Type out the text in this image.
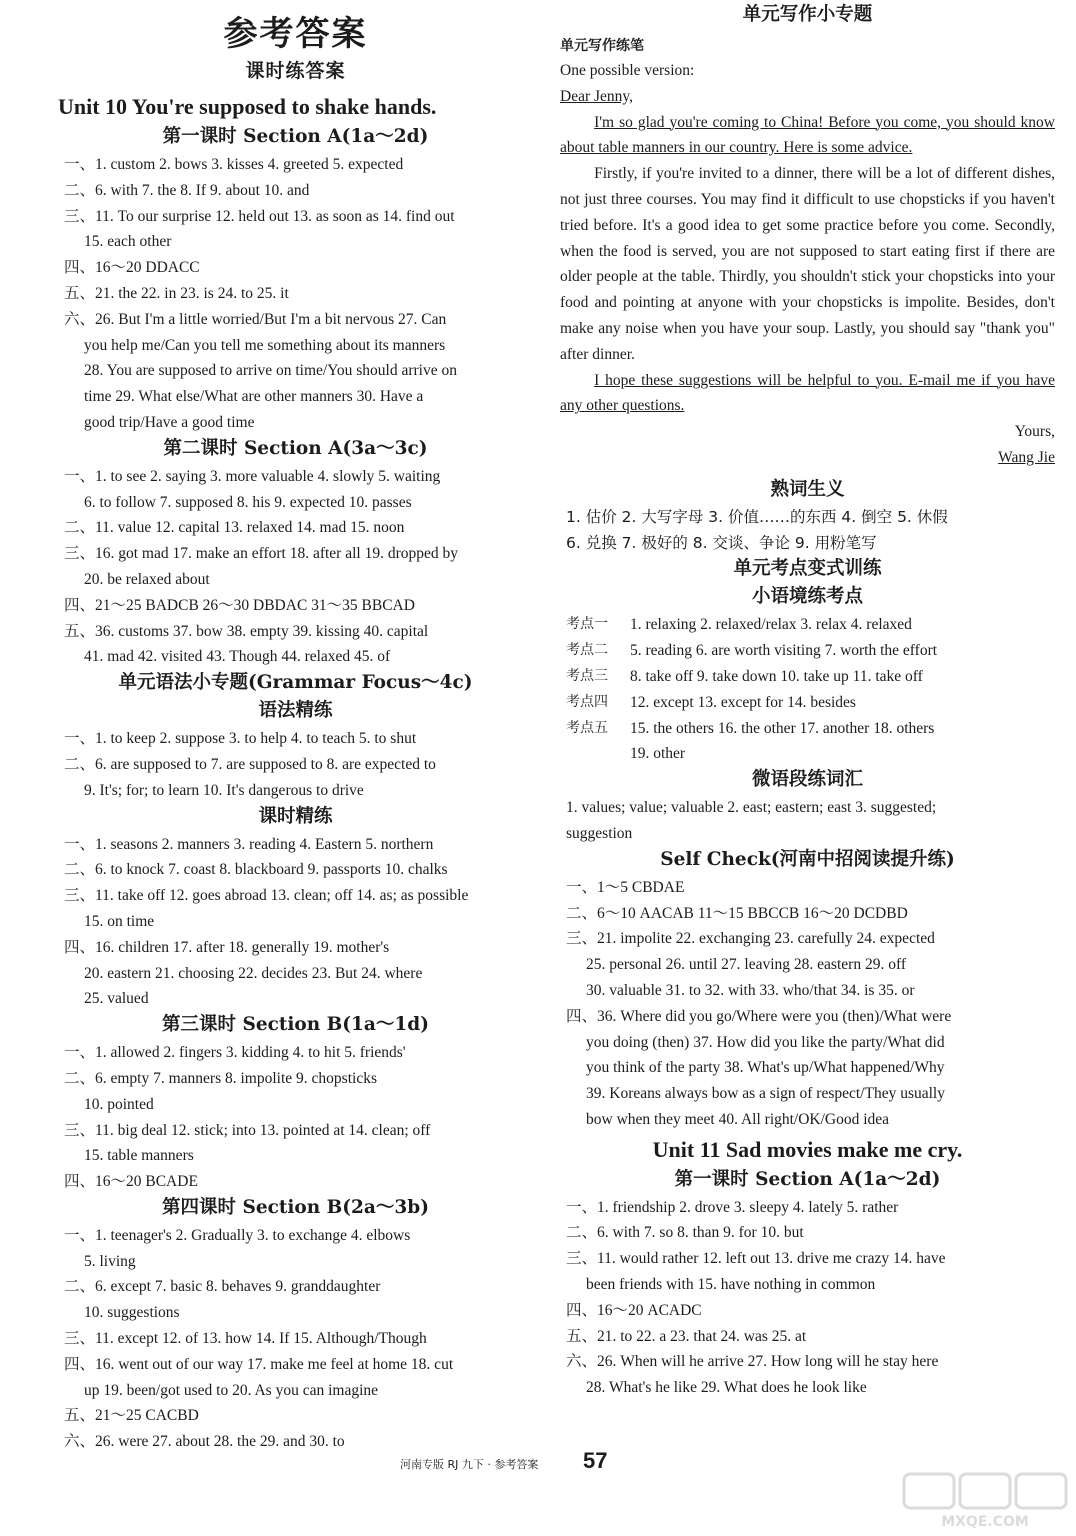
参考答案
课时练答案
Unit 10 You're supposed to shake hands.
第一课时 Section A(1a～2d)
一、1. custom 2. bows 3. kisses 4. greeted 5. expected
二、6. with 7. the 8. If 9. about 10. and
三、11. To our surprise 12. held out 13. as soon as 14. find out
15. each other
四、16～20 DDACC
五、21. the 22. in 23. is 24. to 25. it
六、26. But I'm a little worried/But I'm a bit nervous 27. Can
you help me/Can you tell me something about its manners
28. You are supposed to arrive on time/You should arrive on
time 29. What else/What are other manners 30. Have a
good trip/Have a good time
第二课时 Section A(3a～3c)
一、1. to see 2. saying 3. more valuable 4. slowly 5. waiting
6. to follow 7. supposed 8. his 9. expected 10. passes
二、11. value 12. capital 13. relaxed 14. mad 15. noon
三、16. got mad 17. make an effort 18. after all 19. dropped by
20. be relaxed about
四、21～25 BADCB 26～30 DBDAC 31～35 BBCAD
五、36. customs 37. bow 38. empty 39. kissing 40. capital
41. mad 42. visited 43. Though 44. relaxed 45. of
单元语法小专题(Grammar Focus～4c)
语法精练
一、1. to keep 2. suppose 3. to help 4. to teach 5. to shut
二、6. are supposed to 7. are supposed to 8. are expected to
9. It's; for; to learn 10. It's dangerous to drive
课时精练
一、1. seasons 2. manners 3. reading 4. Eastern 5. northern
二、6. to knock 7. coast 8. blackboard 9. passports 10. chalks
三、11. take off 12. goes abroad 13. clean; off 14. as; as possible
15. on time
四、16. children 17. after 18. generally 19. mother's
20. eastern 21. choosing 22. decides 23. But 24. where
25. valued
第三课时 Section B(1a～1d)
一、1. allowed 2. fingers 3. kidding 4. to hit 5. friends'
二、6. empty 7. manners 8. impolite 9. chopsticks
10. pointed
三、11. big deal 12. stick; into 13. pointed at 14. clean; off
15. table manners
四、16～20 BCADE
第四课时 Section B(2a～3b)
一、1. teenager's 2. Gradually 3. to exchange 4. elbows
5. living
二、6. except 7. basic 8. behaves 9. granddaughter
10. suggestions
三、11. except 12. of 13. how 14. If 15. Although/Though
四、16. went out of our way 17. make me feel at home 18. cut
up 19. been/got used to 20. As you can imagine
五、21～25 CACBD
六、26. were 27. about 28. the 29. and 30. to
单元写作小专题
单元写作练笔
One possible version:
Dear Jenny,
I'm so glad you're coming to China! Before you come, you should know about table manners in our country. Here is some advice.
Firstly, if you're invited to a dinner, there will be a lot of different dishes, not just three courses. You may find it difficult to use chopsticks if you haven't tried before. It's a good idea to get some practice before you come. Secondly, when the food is served, you are not supposed to start eating first if there are older people at the table. Thirdly, you shouldn't stick your chopsticks into your food and pointing at anyone with your chopsticks is impolite. Besides, don't make any noise when you have your soup. Lastly, you should say "thank you" after dinner.
I hope these suggestions will be helpful to you. E-mail me if you have any other questions.
Yours,
Wang Jie
熟词生义
1. 估价 2. 大写字母 3. 价值……的东西 4. 倒空 5. 休假
6. 兑换 7. 极好的 8. 交谈、争论 9. 用粉笔写
单元考点变式训练
小语境练考点
考点一 1. relaxing 2. relaxed/relax 3. relax 4. relaxed
考点二 5. reading 6. are worth visiting 7. worth the effort
考点三 8. take off 9. take down 10. take up 11. take off
考点四 12. except 13. except for 14. besides
考点五 15. the others 16. the other 17. another 18. others
19. other
微语段练词汇
1. values; value; valuable 2. east; eastern; east 3. suggested;
suggestion
Self Check(河南中招阅读提升练)
一、1～5 CBDAE
二、6～10 AACAB 11～15 BBCCB 16～20 DCDBD
三、21. impolite 22. exchanging 23. carefully 24. expected
25. personal 26. until 27. leaving 28. eastern 29. off
30. valuable 31. to 32. with 33. who/that 34. is 35. or
四、36. Where did you go/Where were you (then)/What were
you doing (then) 37. How did you like the party/What did
you think of the party 38. What's up/What happened/Why
39. Koreans always bow as a sign of respect/They usually
bow when they meet 40. All right/OK/Good idea
Unit 11 Sad movies make me cry.
第一课时 Section A(1a～2d)
一、1. friendship 2. drove 3. sleepy 4. lately 5. rather
二、6. with 7. so 8. than 9. for 10. but
三、11. would rather 12. left out 13. drive me crazy 14. have
been friends with 15. have nothing in common
四、16～20 ACADC
五、21. to 22. a 23. that 24. was 25. at
六、26. When will he arrive 27. How long will he stay here
28. What's he like 29. What does he look like
河南专版 RJ 九下 · 参考答案 57
MXQE.COM
